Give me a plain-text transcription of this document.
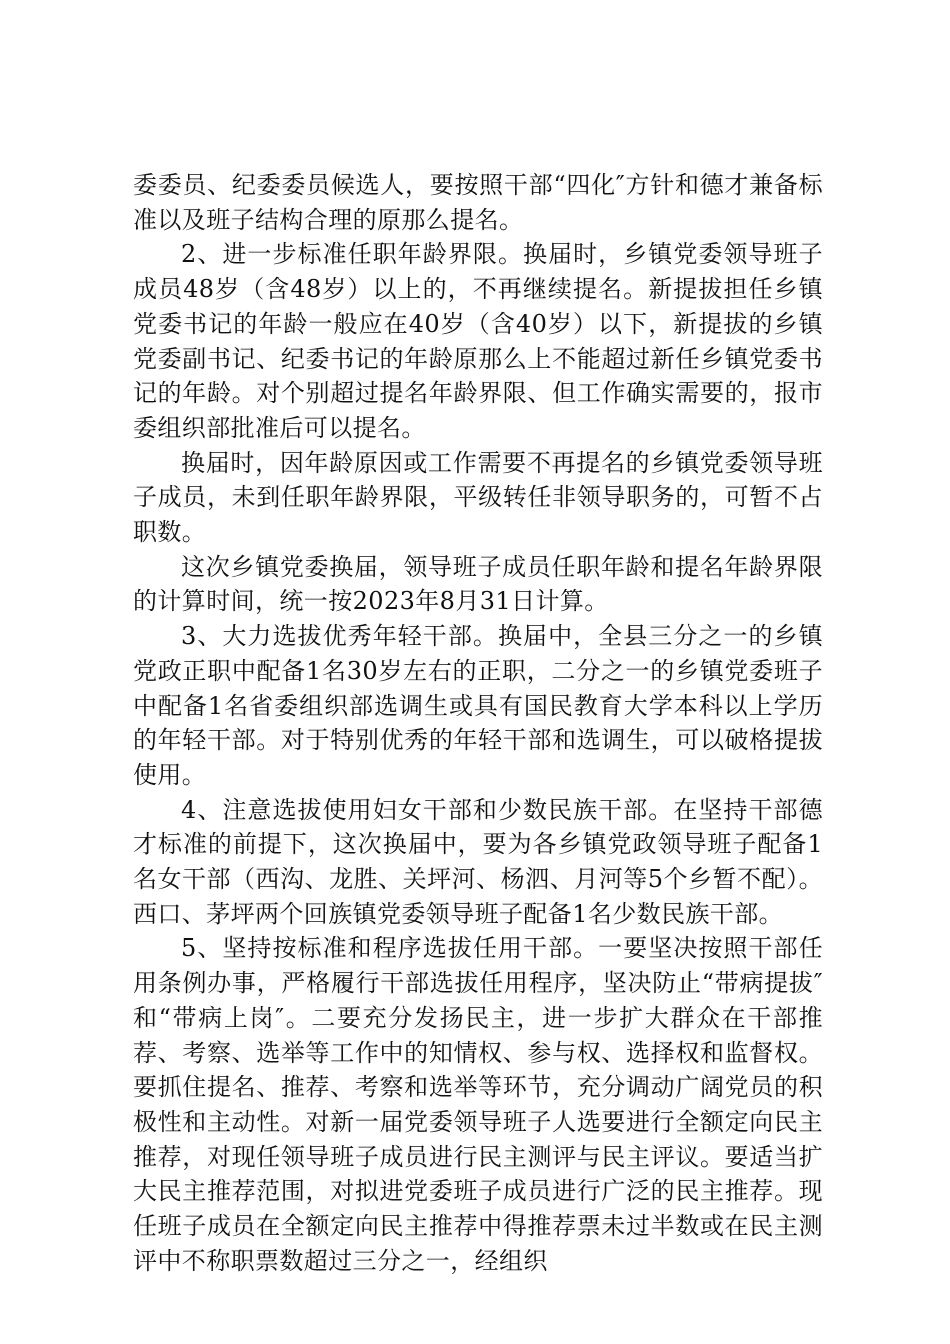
委委员、纪委委员候选人，要按照干部“四化″方针和德才兼备标准以及班子结构合理的原那么提名。

2、进一步标准任职年龄界限。换届时，乡镇党委领导班子成员48岁（含48岁）以上的，不再继续提名。新提拔担任乡镇党委书记的年龄一般应在40岁（含40岁）以下，新提拔的乡镇党委副书记、纪委书记的年龄原那么上不能超过新任乡镇党委书记的年龄。对个别超过提名年龄界限、但工作确实需要的，报市委组织部批准后可以提名。

换届时，因年龄原因或工作需要不再提名的乡镇党委领导班子成员，未到任职年龄界限，平级转任非领导职务的，可暂不占职数。

这次乡镇党委换届，领导班子成员任职年龄和提名年龄界限的计算时间，统一按2023年8月31日计算。

3、大力选拔优秀年轻干部。换届中，全县三分之一的乡镇党政正职中配备1名30岁左右的正职，二分之一的乡镇党委班子中配备1名省委组织部选调生或具有国民教育大学本科以上学历的年轻干部。对于特别优秀的年轻干部和选调生，可以破格提拔使用。

4、注意选拔使用妇女干部和少数民族干部。在坚持干部德才标准的前提下，这次换届中，要为各乡镇党政领导班子配备1名女干部（西沟、龙胜、关坪河、杨泗、月河等5个乡暂不配）。西口、茅坪两个回族镇党委领导班子配备1名少数民族干部。

5、坚持按标准和程序选拔任用干部。一要坚决按照干部任用条例办事，严格履行干部选拔任用程序，坚决防止“带病提拔″和“带病上岗″。二要充分发扬民主，进一步扩大群众在干部推荐、考察、选举等工作中的知情权、参与权、选择权和监督权。要抓住提名、推荐、考察和选举等环节，充分调动广阔党员的积极性和主动性。对新一届党委领导班子人选要进行全额定向民主推荐，对现任领导班子成员进行民主测评与民主评议。要适当扩大民主推荐范围，对拟进党委班子成员进行广泛的民主推荐。现任班子成员在全额定向民主推荐中得推荐票未过半数或在民主测评中不称职票数超过三分之一，经组织
